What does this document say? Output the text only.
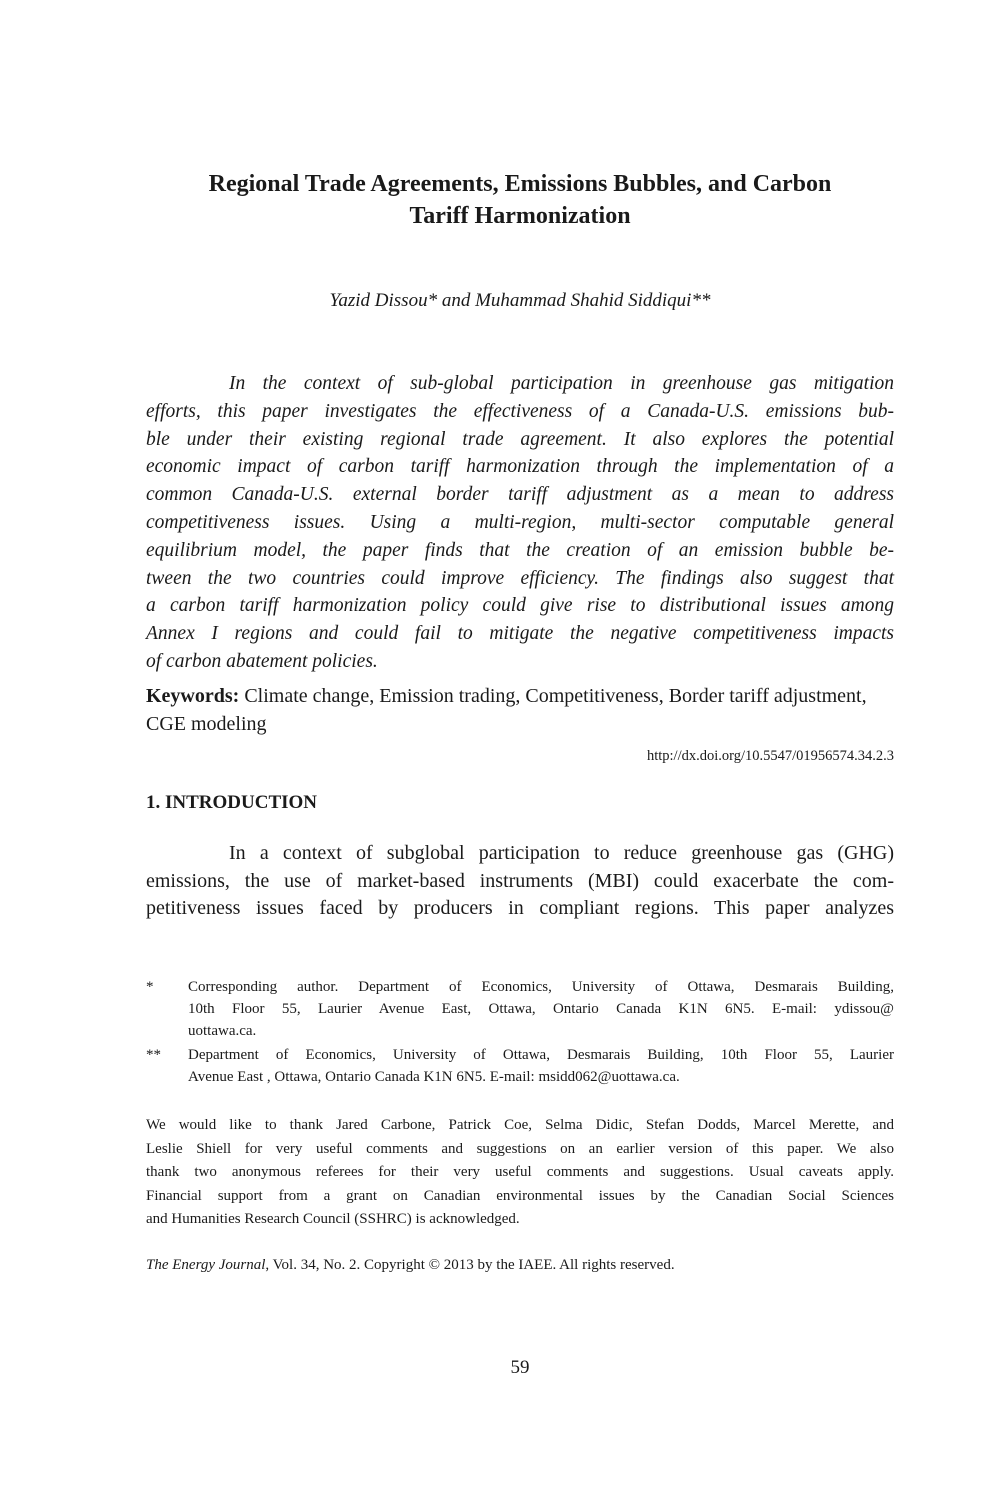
Regional Trade Agreements, Emissions Bubbles, and Carbon
Tariff Harmonization
Yazid Dissou* and Muhammad Shahid Siddiqui**

In the context of sub-global participation in greenhouse gas mitigation
efforts, this paper investigates the effectiveness of a Canada-U.S. emissions bub-
ble under their existing regional trade agreement. It also explores the potential
economic impact of carbon tariff harmonization through the implementation of a
common Canada-U.S. external border tariff adjustment as a mean to address
competitiveness issues. Using a multi-region, multi-sector computable general
equilibrium model, the paper finds that the creation of an emission bubble be-
tween the two countries could improve efficiency. The findings also suggest that
a carbon tariff harmonization policy could give rise to distributional issues among
Annex I regions and could fail to mitigate the negative competitiveness impacts
of carbon abatement policies.

Keywords: Climate change, Emission trading, Competitiveness, Border tariff adjustment, CGE modeling

http://dx.doi.org/10.5547/01956574.34.2.3
1. INTRODUCTION

In a context of subglobal participation to reduce greenhouse gas (GHG)
emissions, the use of market-based instruments (MBI) could exacerbate the com-
petitiveness issues faced by producers in compliant regions. This paper analyzes

* Corresponding author. Department of Economics, University of Ottawa, Desmarais Building,
10th Floor 55, Laurier Avenue East, Ottawa, Ontario Canada K1N 6N5. E-mail: ydissou@
uottawa.ca.
** Department of Economics, University of Ottawa, Desmarais Building, 10th Floor 55, Laurier
Avenue East , Ottawa, Ontario Canada K1N 6N5. E-mail: msidd062@uottawa.ca.

We would like to thank Jared Carbone, Patrick Coe, Selma Didic, Stefan Dodds, Marcel Merette, and
Leslie Shiell for very useful comments and suggestions on an earlier version of this paper. We also
thank two anonymous referees for their very useful comments and suggestions. Usual caveats apply.
Financial support from a grant on Canadian environmental issues by the Canadian Social Sciences
and Humanities Research Council (SSHRC) is acknowledged.

The Energy Journal, Vol. 34, No. 2. Copyright © 2013 by the IAEE. All rights reserved.
59
